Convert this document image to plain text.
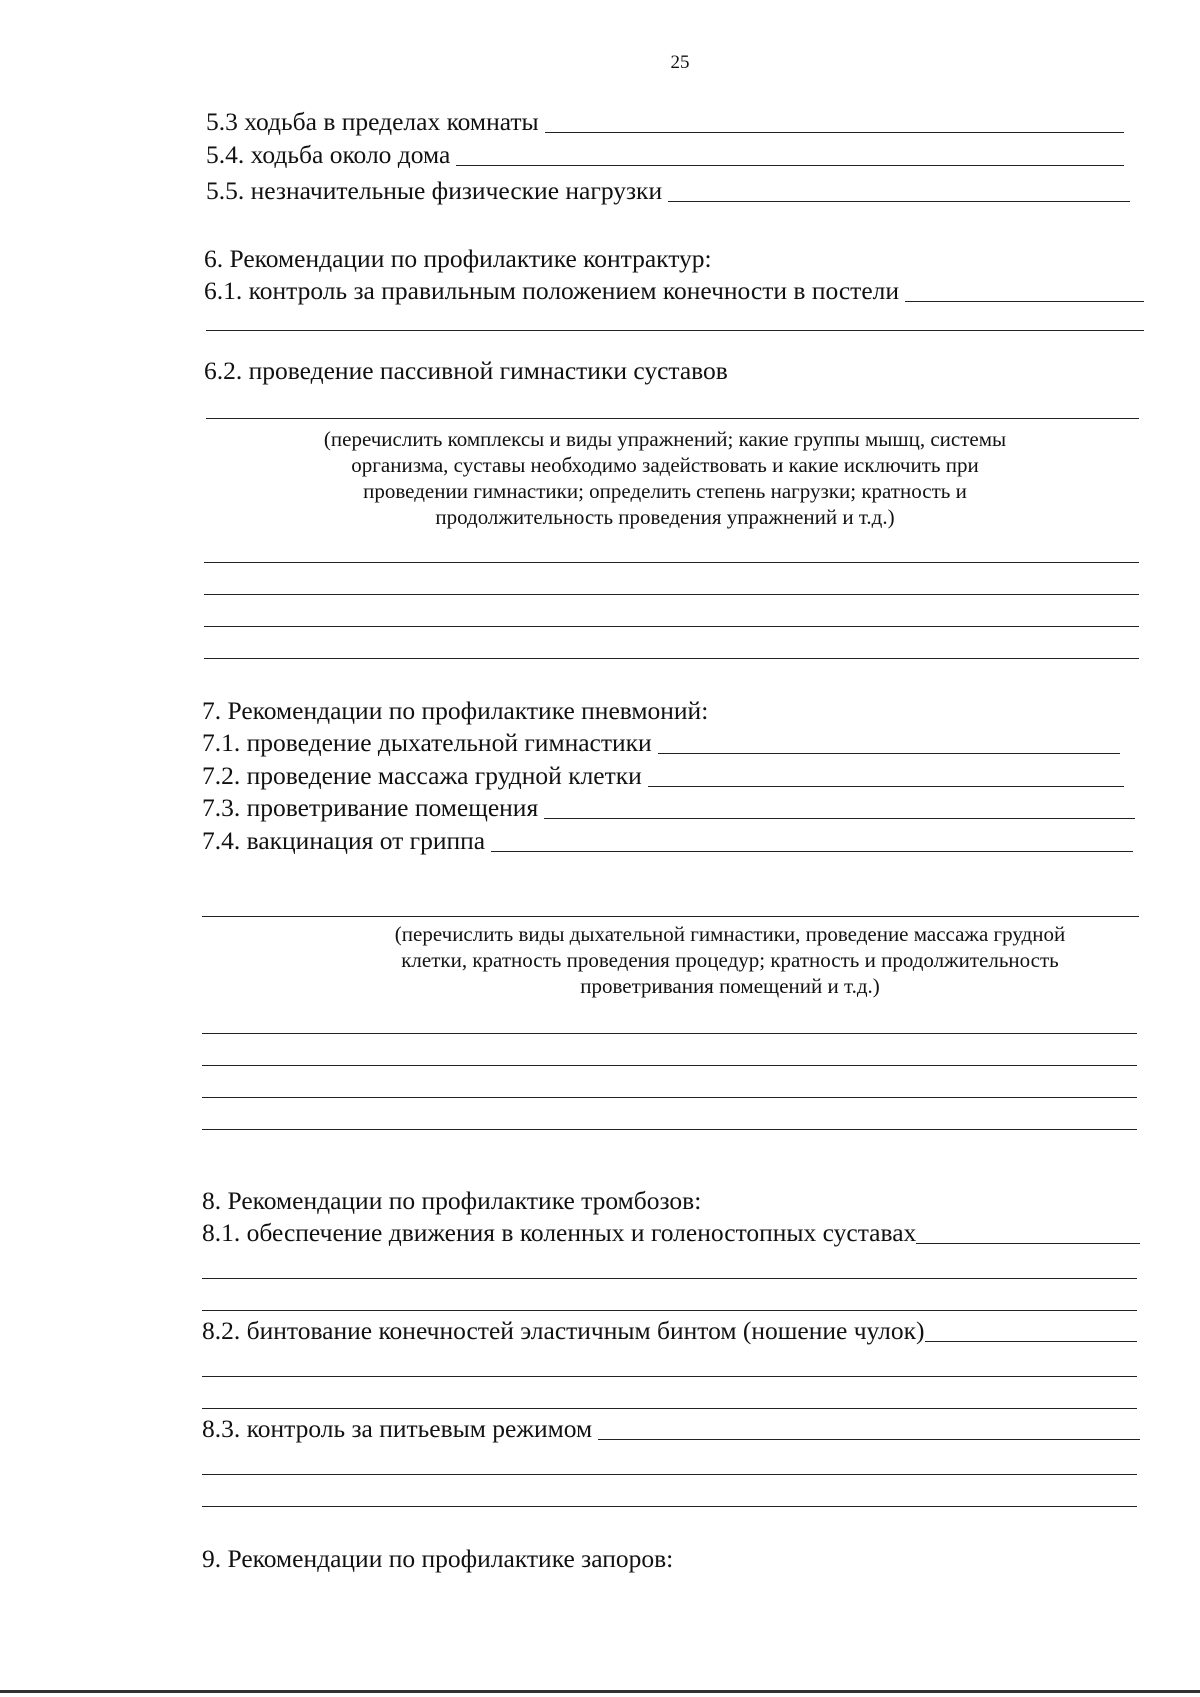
25
5.3 ходьба в пределах комнаты
5.4. ходьба около дома
5.5. незначительные физические нагрузки
6. Рекомендации по профилактике контрактур:
6.1. контроль за правильным положением конечности в постели
6.2. проведение пассивной гимнастики суставов
(перечислить комплексы и виды упражнений; какие группы мышц, системы
организма, суставы необходимо задействовать и какие исключить при
проведении гимнастики; определить степень нагрузки; кратность и
продолжительность проведения упражнений и т.д.)
7. Рекомендации по профилактике пневмоний:
7.1. проведение дыхательной гимнастики
7.2. проведение массажа грудной клетки
7.3. проветривание помещения
7.4. вакцинация от гриппа
(перечислить виды дыхательной гимнастики, проведение массажа грудной
клетки, кратность проведения процедур; кратность и продолжительность
проветривания помещений и т.д.)
8. Рекомендации по профилактике тромбозов:
8.1. обеспечение движения в коленных и голеностопных суставах
8.2. бинтование конечностей эластичным бинтом (ношение чулок)
8.3. контроль за питьевым режимом
9. Рекомендации по профилактике запоров:
